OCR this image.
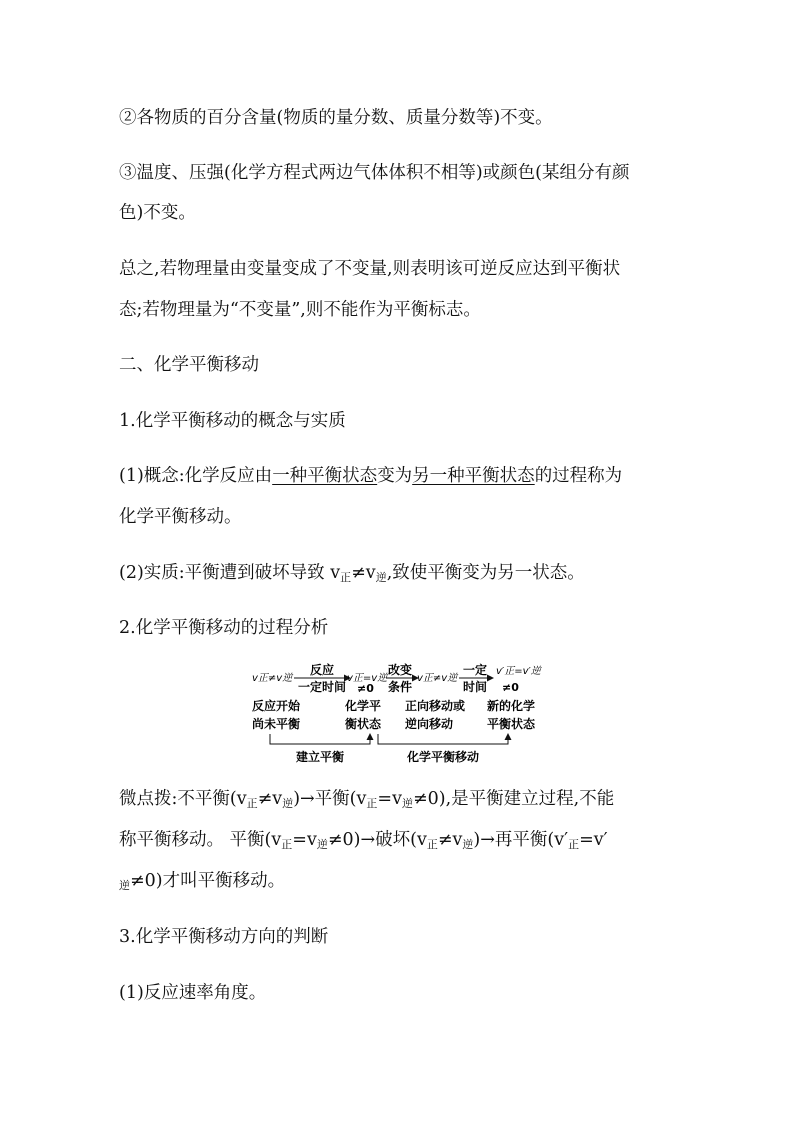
②各物质的百分含量(物质的量分数、质量分数等)不变。
③温度、压强(化学方程式两边气体体积不相等)或颜色(某组分有颜
色)不变。
总之,若物理量由变量变成了不变量,则表明该可逆反应达到平衡状
态;若物理量为“不变量”,则不能作为平衡标志。
二、化学平衡移动
1.化学平衡移动的概念与实质
(1)概念:化学反应由一种平衡状态变为另一种平衡状态的过程称为
化学平衡移动。
(2)实质:平衡遭到破坏导致 $v_正\ne v_逆$,致使平衡变为另一状态。
2.化学平衡移动的过程分析
v正≠v逆
反应
一定时间
v正=v逆
≠0
改变
条件
v正≠v逆
一定
时间
v′正=v′逆
≠0
反应开始
尚未平衡
化学平
衡状态
正向移动或
逆向移动
新的化学
平衡状态
建立平衡	化学平衡移动
微点拨:不平衡$(v_正\ne v_逆)\to$平衡$(v_正=v_逆\ne 0)$,是平衡建立过程,不能
称平衡移动。 平衡$(v_正=v_逆\ne 0)\to$破坏$(v_正\ne v_逆)\to$再平衡($v'_正=v'$
$_逆$≠0)才叫平衡移动。
3.化学平衡移动方向的判断
(1)反应速率角度。
